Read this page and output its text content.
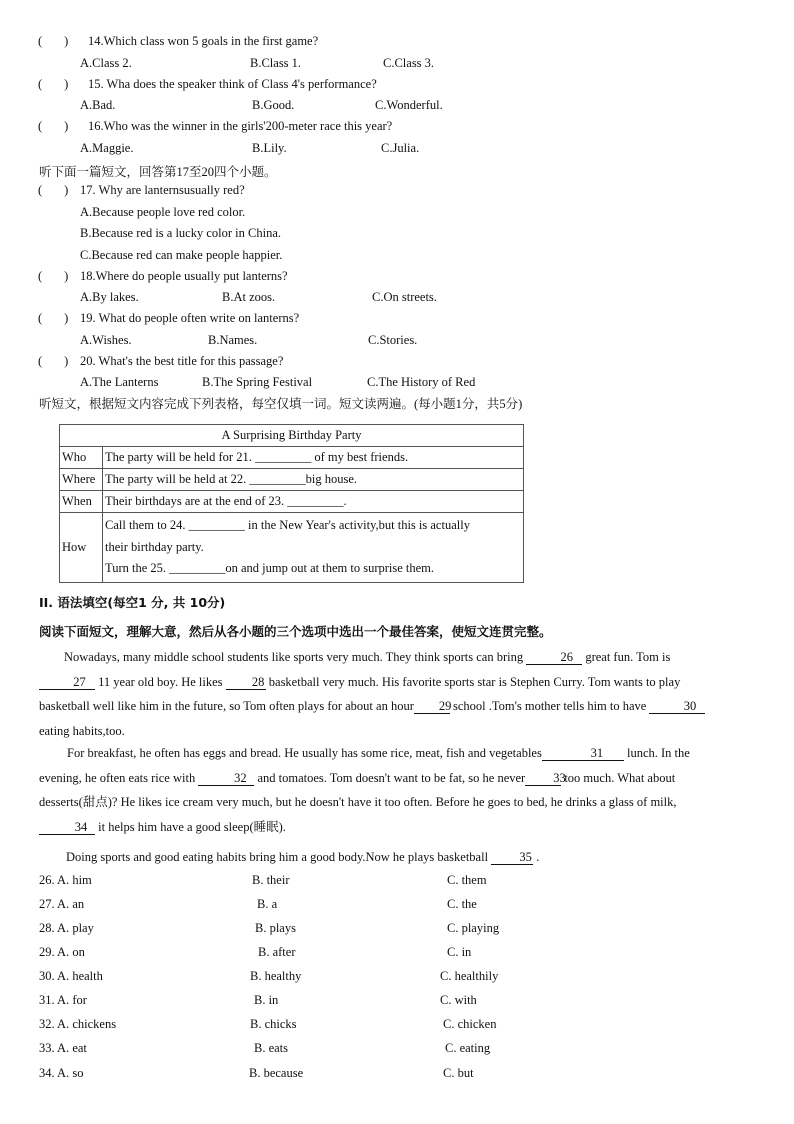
( ) 14.Which class won 5 goals in the first game?
A.Class 2.	B.Class 1.	C.Class 3.
( ) 15. Wha does the speaker think of Class 4's performance?
A.Bad.	B.Good.	C.Wonderful.
( ) 16.Who was the winner in the girls'200-meter race this year?
A.Maggie.	B.Lily.	C.Julia.
听下面一篇短文，回答第17至20四个小题。
( ) 17. Why are lanternsusually red?
A.Because people love red color.
B.Because red is a lucky color in China.
C.Because red can make people happier.
( ) 18.Where do people usually put lanterns?
A.By lakes.	B.At zoos.	C.On streets.
( ) 19. What do people often write on lanterns?
A.Wishes.	B.Names.	C.Stories.
( ) 20. What's the best title for this passage?
A.The Lanterns	B.The Spring Festival	C.The History of Red
听短文，根据短文内容完成下列表格，每空仅填一词。短文读两遍。(每小题1分，共5分)
A Surprising Birthday Party	
Who	The party will be held for 21. _________ of my best friends.
Where	The party will be held at 22. _________big house.
When	Their birthdays are at the end of 23. _________.
How	Call them to 24. _________ in the New Year's activity,but this is actually
their birthday party.
Turn the 25. _________on and jump out at them to surprise them.
II. 语法填空(每空1 分, 共 10分)
阅读下面短文，理解大意，然后从各小题的三个选项中选出一个最佳答案，使短文连贯完整。
Nowadays, many middle school students like sports very much. They think sports can bring	26 great fun. Tom is 27 11 year old boy. He likes 28 basketball very much. His favorite sports star is Stephen Curry. Tom wants to play basketball well like him in the future, so Tom often plays for about an hour 29 school .Tom's mother tells him to have	30 eating habits,too.
For breakfast, he often has eggs and bread. He usually has some rice, meat, fish and vegetables	31 lunch. In the evening, he often eats rice with	32 and tomatoes. Tom doesn't want to be fat, so he never 33 too much. What about desserts(甜点)? He likes ice cream very much, but he doesn't have it too often. Before he goes to bed, he drinks a glass of milk, 34 it helps him have a good sleep(睡眠).
Doing sports and good eating habits bring him a good body.Now he plays basketball	35 .
26. A. him	B. their	C. them
27. A. an	B. a	C. the
28. A. play	B. plays	C. playing
29. A. on	B. after	C. in
30. A. health	B. healthy	C. healthily
31. A. for	B. in	C. with
32. A. chickens	B. chicks	C. chicken
33. A. eat	B. eats	C. eating
34. A. so	B. because	C. but
